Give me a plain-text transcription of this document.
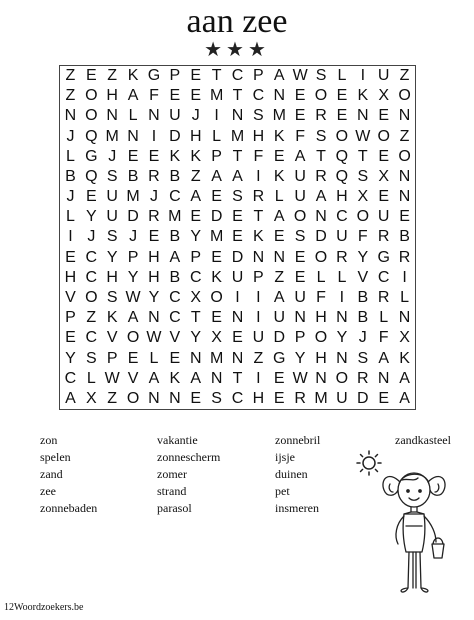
aan zee
★★★
Z E Z K G P E T C P A W S L I U Z
Z O H A F E E M T C N E O E K X O
N O N L N U J I N S M E R E N E N
J Q M N I D H L M H K F S O W O Z
L G J E E K K P T F E A T Q T E O
B Q S B R B Z A A I K U R Q S X N
J E U M J C A E S R L U A H X E N
L Y U D R M E D E T A O N C O U E
I J S J E B Y M E K E S D U F R B
E C Y P H A P E D N N E O R Y G R
H C H Y H B C K U P Z E L L V C I
V O S W Y C X O I	I A U F I B R L
P Z K A N C T E N I U N H N B L N
E C V O W V Y X E U D P O Y J F X
Y S P E L E N M N Z G Y H N S A K
C L W V A K A N T I E W N O R N A
A X Z O N N E S C H E R M U D E A
zon
spelen
zand
zee
zonnebaden
vakantie
zonnescherm
zomer
strand
parasol
zonnebril
ijsje
duinen
pet
insmeren
zandkasteel
12Woordzoekers.be
